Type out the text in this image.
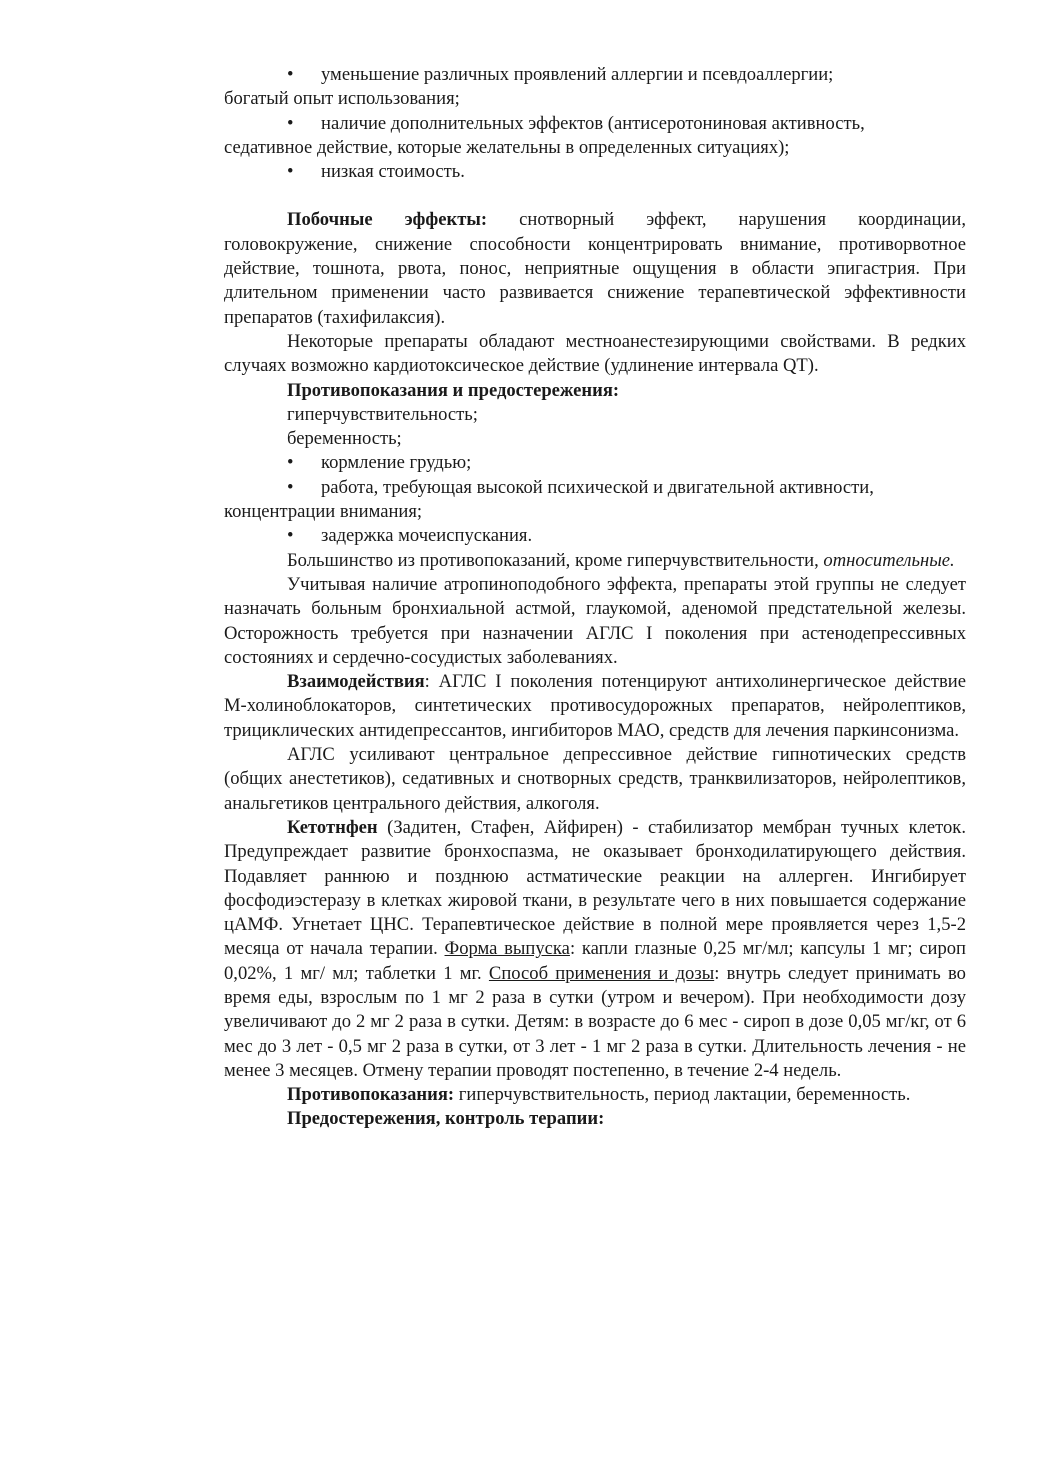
• уменьшение различных проявлений аллергии и псевдоаллергии;
богатый опыт использования;
• наличие дополнительных эффектов (антисеротониновая активность,
седативное действие, которые желательны в определенных ситуациях);
• низкая стоимость.

Побочные эффекты: снотворный эффект, нарушения координации, головокружение, снижение способности концентрировать внимание, противорвотное действие, тошнота, рвота, понос, неприятные ощущения в области эпигастрия. При длительном применении часто развивается снижение терапевтической эффективности препаратов (тахифилаксия).

Некоторые препараты обладают местноанестезирующими свойствами. В редких случаях возможно кардиотоксическое действие (удлинение интервала QT).

Противопоказания и предостережения:
гиперчувствительность;
беременность;
• кормление грудью;
• работа, требующая высокой психической и двигательной активности,
концентрации внимания;
• задержка мочеиспускания.

Большинство из противопоказаний, кроме гиперчувствительности, относительные.

Учитывая наличие атропиноподобного эффекта, препараты этой группы не следует назначать больным бронхиальной астмой, глаукомой, аденомой предстательной железы. Осторожность требуется при назначении АГЛС I поколения при астенодепрессивных состояниях и сердечно-сосудистых заболеваниях.

Взаимодействия: АГЛС I поколения потенцируют антихолинергическое действие М-холиноблокаторов, синтетических противосудорожных препаратов, нейролептиков, трициклических антидепрессантов, ингибиторов МАО, средств для лечения паркинсонизма.

АГЛС усиливают центральное депрессивное действие гипнотических средств (общих анестетиков), седативных и снотворных средств, транквилизаторов, нейролептиков, анальгетиков центрального действия, алкоголя.

Кетотнфен (Задитен, Стафен, Айфирен) - стабилизатор мембран тучных клеток. Предупреждает развитие бронхоспазма, не оказывает бронходилатирующего действия. Подавляет раннюю и позднюю астматические реакции на аллерген. Ингибирует фосфодиэстеразу в клетках жировой ткани, в результате чего в них повышается содержание цАМФ. Угнетает ЦНС. Терапевтическое действие в полной мере проявляется через 1,5-2 месяца от начала терапии. Форма выпуска: капли глазные 0,25 мг/мл; капсулы 1 мг; сироп 0,02%, 1 мг/ мл; таблетки 1 мг. Способ применения и дозы: внутрь следует принимать во время еды, взрослым по 1 мг 2 раза в сутки (утром и вечером). При необходимости дозу увеличивают до 2 мг 2 раза в сутки. Детям: в возрасте до 6 мес - сироп в дозе 0,05 мг/кг, от 6 мес до 3 лет - 0,5 мг 2 раза в сутки, от 3 лет - 1 мг 2 раза в сутки. Длительность лечения - не менее 3 месяцев. Отмену терапии проводят постепенно, в течение 2-4 недель.

Противопоказания: гиперчувствительность, период лактации, беременность.

Предостережения, контроль терапии:
